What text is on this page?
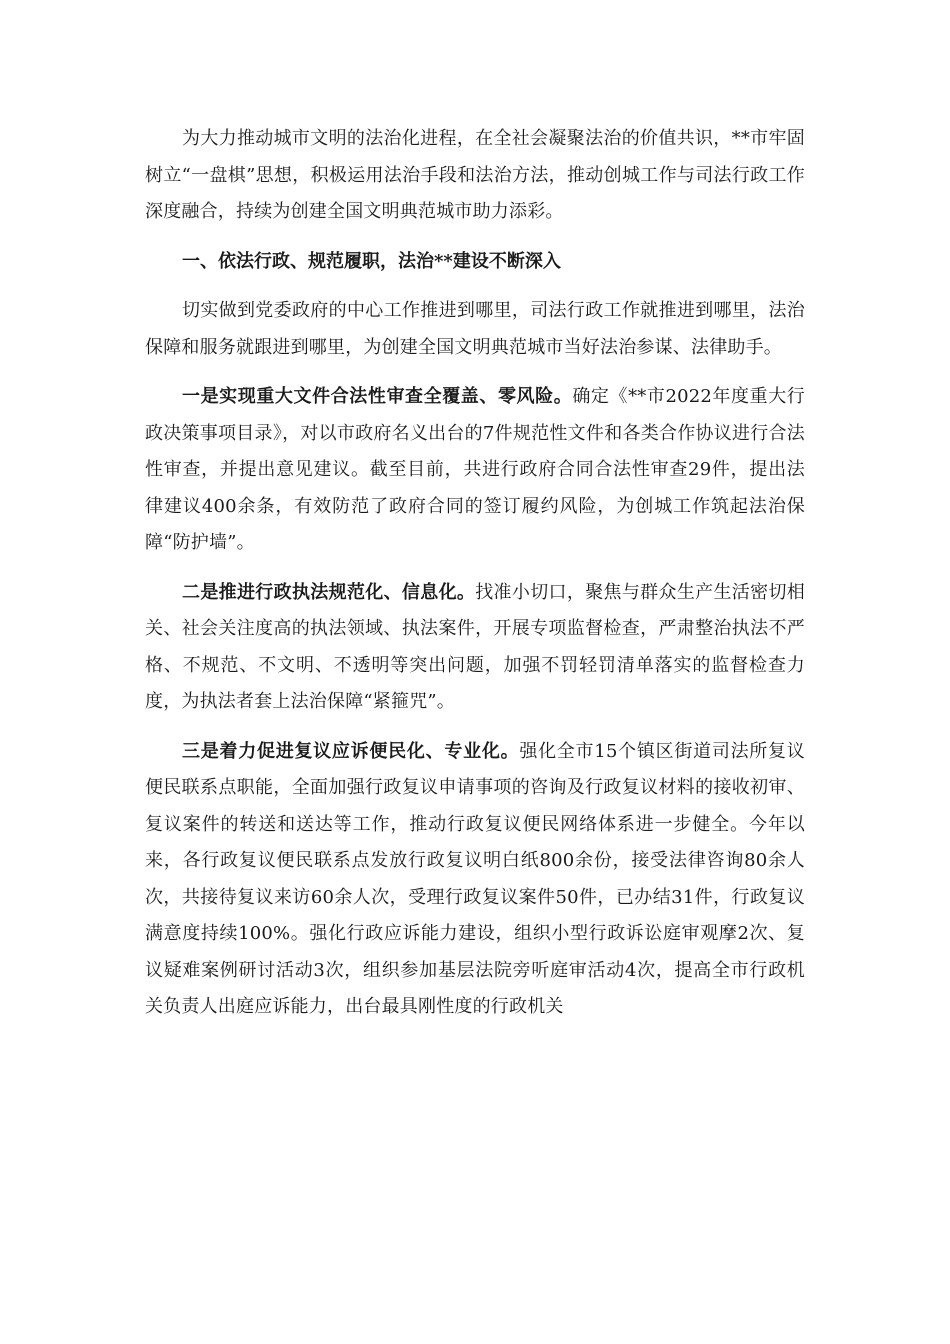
为大力推动城市文明的法治化进程，在全社会凝聚法治的价值共识，**市牢固树立“一盘棋”思想，积极运用法治手段和法治方法，推动创城工作与司法行政工作深度融合，持续为创建全国文明典范城市助力添彩。

一、依法行政、规范履职，法治**建设不断深入

切实做到党委政府的中心工作推进到哪里，司法行政工作就推进到哪里，法治保障和服务就跟进到哪里，为创建全国文明典范城市当好法治参谋、法律助手。

一是实现重大文件合法性审查全覆盖、零风险。确定《**市2022年度重大行政决策事项目录》，对以市政府名义出台的7件规范性文件和各类合作协议进行合法性审查，并提出意见建议。截至目前，共进行政府合同合法性审查29件，提出法律建议400余条，有效防范了政府合同的签订履约风险，为创城工作筑起法治保障“防护墙”。

二是推进行政执法规范化、信息化。找准小切口，聚焦与群众生产生活密切相关、社会关注度高的执法领域、执法案件，开展专项监督检查，严肃整治执法不严格、不规范、不文明、不透明等突出问题，加强不罚轻罚清单落实的监督检查力度，为执法者套上法治保障“紧箍咒”。

三是着力促进复议应诉便民化、专业化。强化全市15个镇区街道司法所复议便民联系点职能，全面加强行政复议申请事项的咨询及行政复议材料的接收初审、复议案件的转送和送达等工作，推动行政复议便民网络体系进一步健全。今年以来，各行政复议便民联系点发放行政复议明白纸800余份，接受法律咨询80余人次，共接待复议来访60余人次，受理行政复议案件50件，已办结31件，行政复议满意度持续100%。强化行政应诉能力建设，组织小型行政诉讼庭审观摩2次、复议疑难案例研讨活动3次，组织参加基层法院旁听庭审活动4次，提高全市行政机关负责人出庭应诉能力，出台最具刚性度的行政机关
